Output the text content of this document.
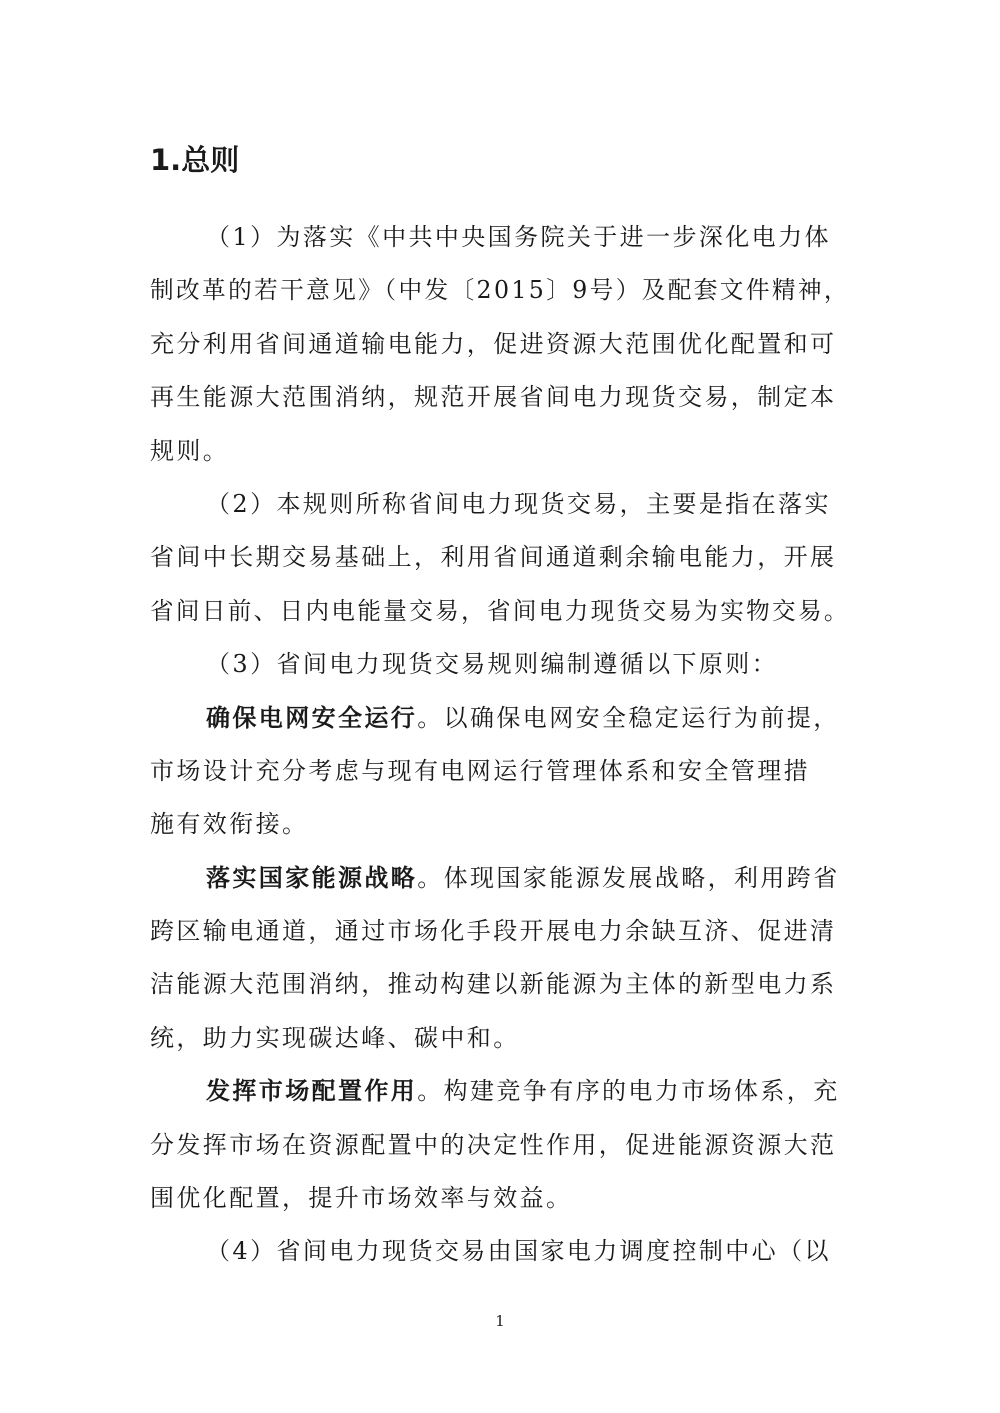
1.总则
（1）为落实《中共中央国务院关于进一步深化电力体
制改革的若干意见》（中发〔2015〕9号）及配套文件精神，
充分利用省间通道输电能力，促进资源大范围优化配置和可
再生能源大范围消纳，规范开展省间电力现货交易，制定本
规则。
（2）本规则所称省间电力现货交易，主要是指在落实
省间中长期交易基础上，利用省间通道剩余输电能力，开展
省间日前、日内电能量交易，省间电力现货交易为实物交易。
（3）省间电力现货交易规则编制遵循以下原则：
确保电网安全运行。以确保电网安全稳定运行为前提，
市场设计充分考虑与现有电网运行管理体系和安全管理措
施有效衔接。
落实国家能源战略。体现国家能源发展战略，利用跨省
跨区输电通道，通过市场化手段开展电力余缺互济、促进清
洁能源大范围消纳，推动构建以新能源为主体的新型电力系
统，助力实现碳达峰、碳中和。
发挥市场配置作用。构建竞争有序的电力市场体系，充
分发挥市场在资源配置中的决定性作用，促进能源资源大范
围优化配置，提升市场效率与效益。
（4）省间电力现货交易由国家电力调度控制中心（以
1
